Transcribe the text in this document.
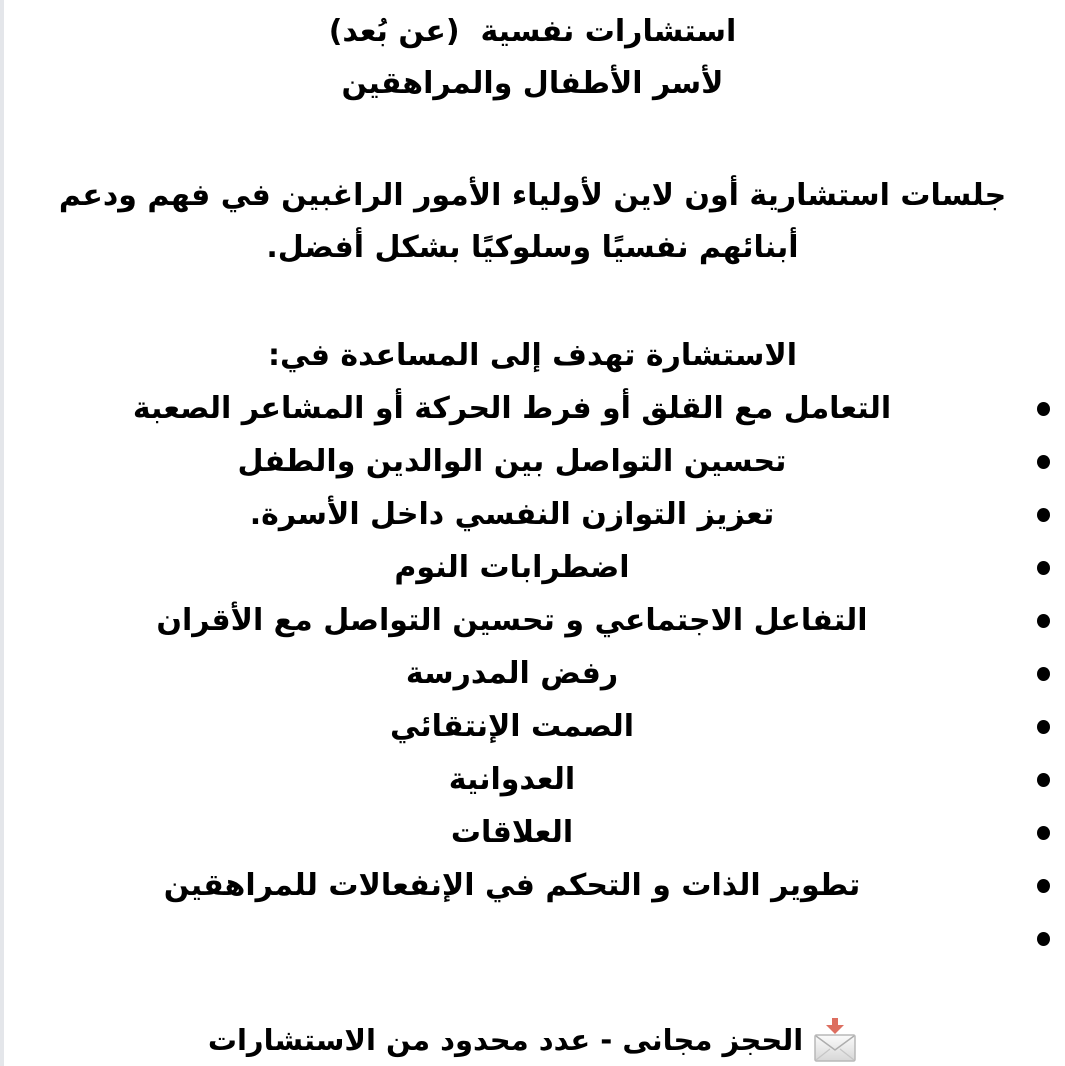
استشارات نفسية  (عن بُعد)
لأسر الأطفال والمراهقين
جلسات استشارية أون لاين لأولياء الأمور الراغبين في فهم ودعم
أبنائهم نفسيًا وسلوكيًا بشكل أفضل.
الاستشارة تهدف إلى المساعدة في:
التعامل مع القلق أو فرط الحركة أو المشاعر الصعبة
تحسين التواصل بين الوالدين والطفل
تعزيز التوازن النفسي داخل الأسرة.
اضطرابات النوم
التفاعل الاجتماعي و تحسين التواصل مع الأقران
رفض المدرسة
الصمت الإنتقائي
العدوانية
العلاقات
تطوير الذات و التحكم في الإنفعالات للمراهقين
الحجز مجانى - عدد محدود من الاستشارات
